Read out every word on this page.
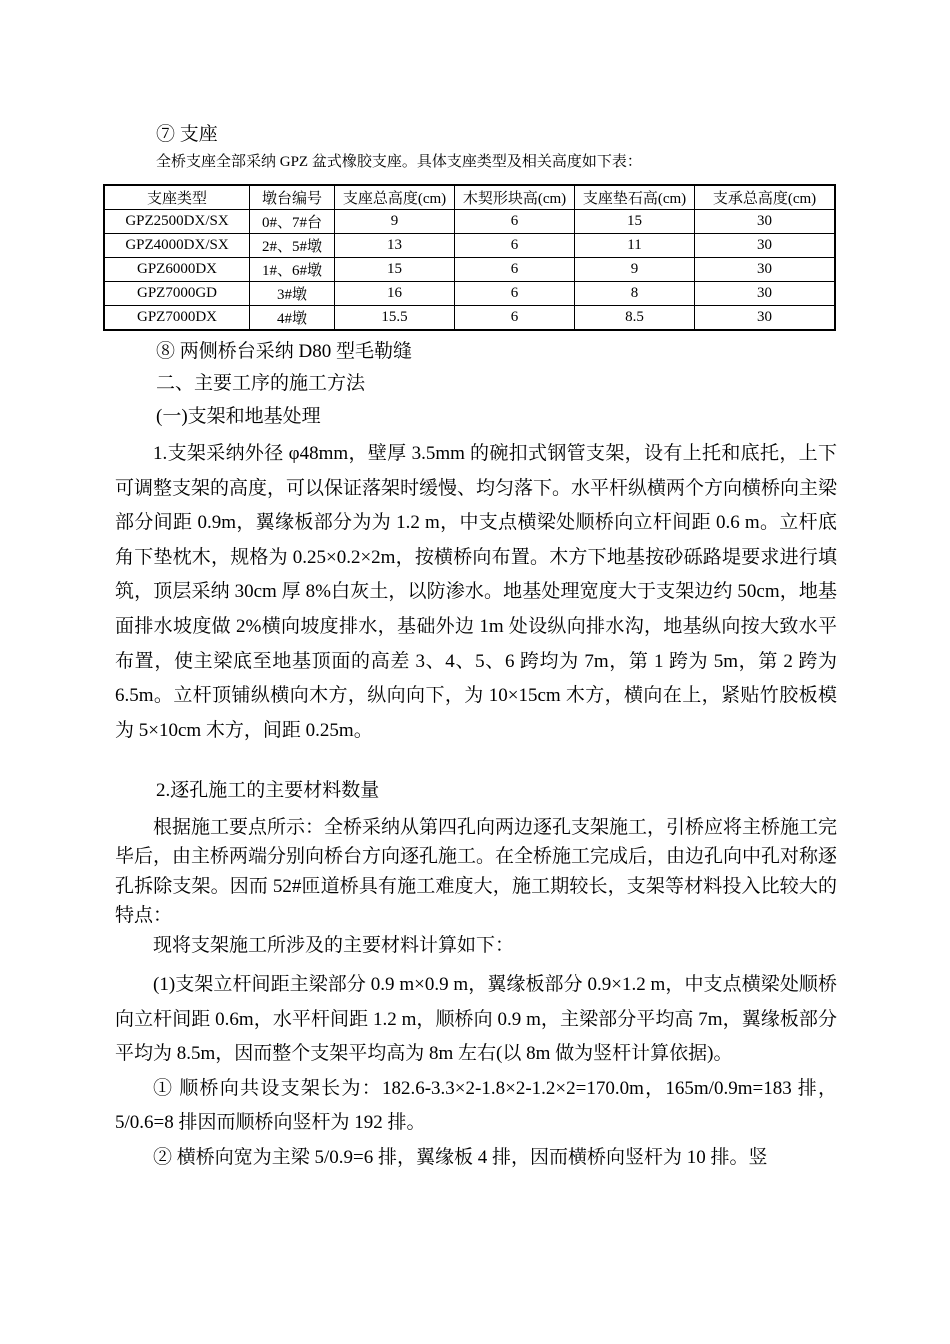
⑦ 支座
全桥支座全部采纳 GPZ 盆式橡胶支座。具体支座类型及相关高度如下表：
支座类型	墩台编号	支座总高度(cm)	木契形块高(cm)	支座垫石高(cm)	支承总高度(cm)
GPZ2500DX/SX	0#、7#台	9	6	15	30
GPZ4000DX/SX	2#、5#墩	13	6	11	30
GPZ6000DX	1#、6#墩	15	6	9	30
GPZ7000GD	3#墩	16	6	8	30
GPZ7000DX	4#墩	15.5	6	8.5	30
⑧ 两侧桥台采纳 D80 型毛勒缝
二、主要工序的施工方法
(一)支架和地基处理

1.支架采纳外径 φ48mm，壁厚 3.5mm 的碗扣式钢管支架，设有上托和底托，上下可调整支架的高度，可以保证落架时缓慢、均匀落下。水平杆纵横两个方向横桥向主梁部分间距 0.9m，翼缘板部分为为 1.2 m，中支点横梁处顺桥向立杆间距 0.6 m。立杆底角下垫枕木，规格为 0.25×0.2×2m，按横桥向布置。木方下地基按砂砾路堤要求进行填筑，顶层采纳 30cm 厚 8%白灰土，以防渗水。地基处理宽度大于支架边约 50cm，地基面排水坡度做 2%横向坡度排水，基础外边 1m 处设纵向排水沟，地基纵向按大致水平布置，使主梁底至地基顶面的高差 3、4、5、6 跨均为 7m，第 1 跨为 5m，第 2 跨为 6.5m。立杆顶铺纵横向木方，纵向向下，为 10×15cm 木方，横向在上，紧贴竹胶板模为 5×10cm 木方，间距 0.25m。

2.逐孔施工的主要材料数量

根据施工要点所示：全桥采纳从第四孔向两边逐孔支架施工，引桥应将主桥施工完毕后，由主桥两端分别向桥台方向逐孔施工。在全桥施工完成后，由边孔向中孔对称逐孔拆除支架。因而 52#匝道桥具有施工难度大，施工期较长，支架等材料投入比较大的特点：

现将支架施工所涉及的主要材料计算如下：

(1)支架立杆间距主梁部分 0.9 m×0.9 m，翼缘板部分 0.9×1.2 m，中支点横梁处顺桥向立杆间距 0.6m，水平杆间距 1.2 m，顺桥向 0.9 m，主梁部分平均高 7m，翼缘板部分平均为 8.5m，因而整个支架平均高为 8m 左右(以 8m 做为竖杆计算依据)。

① 顺桥向共设支架长为：182.6-3.3×2-1.8×2-1.2×2=170.0m，165m/0.9m=183 排，5/0.6=8 排因而顺桥向竖杆为 192 排。

② 横桥向宽为主梁 5/0.9=6 排，翼缘板 4 排，因而横桥向竖杆为 10 排。竖
